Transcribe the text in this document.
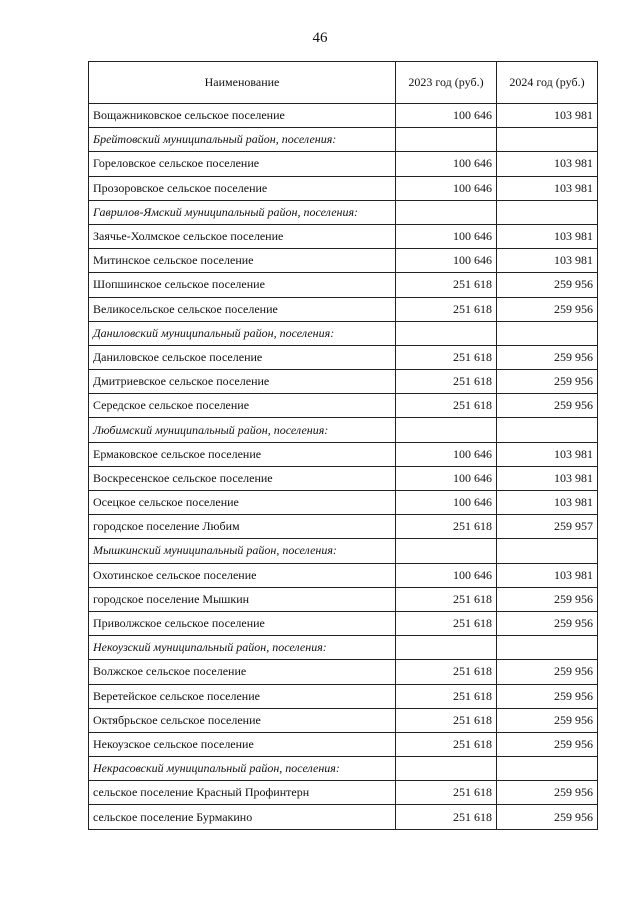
46
Наименование	2023 год (руб.)	2024 год (руб.)
Вощажниковское сельское поселение	100 646	103 981
Брейтовский муниципальный район, поселения:		
Гореловское сельское поселение	100 646	103 981
Прозоровское сельское поселение	100 646	103 981
Гаврилов-Ямский муниципальный район, поселения:		
Заячье-Холмское сельское поселение	100 646	103 981
Митинское сельское поселение	100 646	103 981
Шопшинское сельское поселение	251 618	259 956
Великосельское сельское поселение	251 618	259 956
Даниловский муниципальный район, поселения:		
Даниловское сельское поселение	251 618	259 956
Дмитриевское сельское поселение	251 618	259 956
Середское сельское поселение	251 618	259 956
Любимский муниципальный район, поселения:		
Ермаковское сельское поселение	100 646	103 981
Воскресенское сельское поселение	100 646	103 981
Осецкое сельское поселение	100 646	103 981
городское поселение Любим	251 618	259 957
Мышкинский муниципальный район, поселения:		
Охотинское сельское поселение	100 646	103 981
городское поселение Мышкин	251 618	259 956
Приволжское сельское поселение	251 618	259 956
Некоузский муниципальный район, поселения:		
Волжское сельское поселение	251 618	259 956
Веретейское сельское поселение	251 618	259 956
Октябрьское сельское поселение	251 618	259 956
Некоузское сельское поселение	251 618	259 956
Некрасовский муниципальный район, поселения:		
сельское поселение Красный Профинтерн	251 618	259 956
сельское поселение Бурмакино	251 618	259 956
